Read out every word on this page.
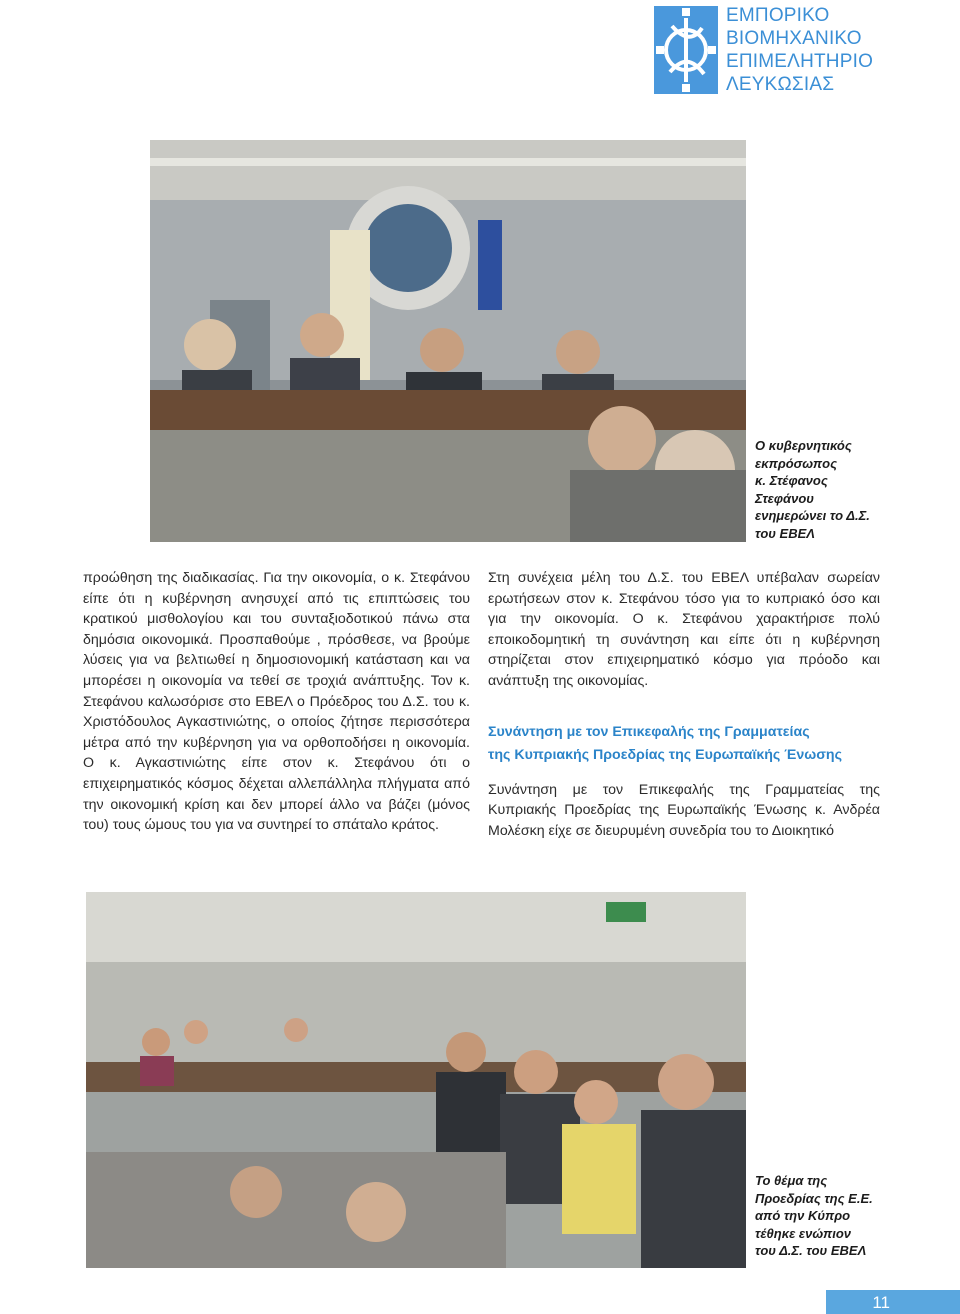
ΕΜΠΟΡΙΚΟ
ΒΙΟΜΗΧΑΝΙΚΟ
ΕΠΙΜΕΛΗΤΗΡΙΟ
ΛΕΥΚΩΣΙΑΣ
Ο κυβερνητικός
εκπρόσωπος
κ. Στέφανος
Στεφάνου
ενημερώνει το Δ.Σ.
του ΕΒΕΛ

προώθηση της διαδικασίας. Για την οικονομία, ο κ. Στεφάνου είπε ότι η κυβέρνηση ανησυχεί από τις επιπτώσεις του κρατικού μισθολογίου και του συνταξιοδοτικού πάνω στα δημόσια οικονομικά. Προσπαθούμε , πρόσθεσε, να βρούμε λύσεις για να βελτιωθεί η δημοσιονομική κατάσταση και να μπορέσει η οικονομία να τεθεί σε τροχιά ανάπτυξης. Τον κ. Στεφάνου καλωσόρισε στο ΕΒΕΛ ο Πρόεδρος του Δ.Σ. του κ. Χριστόδουλος Αγκαστινιώτης, ο οποίος ζήτησε περισσότερα μέτρα από την κυβέρνηση για να ορθοποδήσει η οικονομία. Ο κ. Αγκαστινιώτης είπε στον κ. Στεφάνου ότι ο επιχειρηματικός κόσμος δέχεται αλλεπάλληλα πλήγματα από την οικονομική κρίση και δεν μπορεί άλλο να βάζει (μόνος του) τους ώμους του για να συντηρεί το σπάταλο κράτος.

Στη συνέχεια μέλη του Δ.Σ. του ΕΒΕΛ υπέβαλαν σωρείαν ερωτήσεων στον κ. Στεφάνου τόσο για το κυπριακό όσο και για την οικονομία. Ο κ. Στεφάνου χαρακτήρισε πολύ εποικοδομητική τη συνάντηση και είπε ότι η κυβέρνηση στηρίζεται στον επιχειρηματικό κόσμο για πρόοδο και ανάπτυξη της οικονομίας.

Συνάντηση με τον Επικεφαλής της Γραμματείας
της Κυπριακής Προεδρίας της Ευρωπαϊκής Ένωσης

Συνάντηση με τον Επικεφαλής της Γραμματείας της Κυπριακής Προεδρίας της Ευρωπαϊκής Ένωσης κ. Ανδρέα Μολέσκη είχε σε διευρυμένη συνεδρία του το Διοικητικό

Το θέμα της
Προεδρίας της Ε.Ε.
από την Κύπρο
τέθηκε ενώπιον
του Δ.Σ. του ΕΒΕΛ
11
